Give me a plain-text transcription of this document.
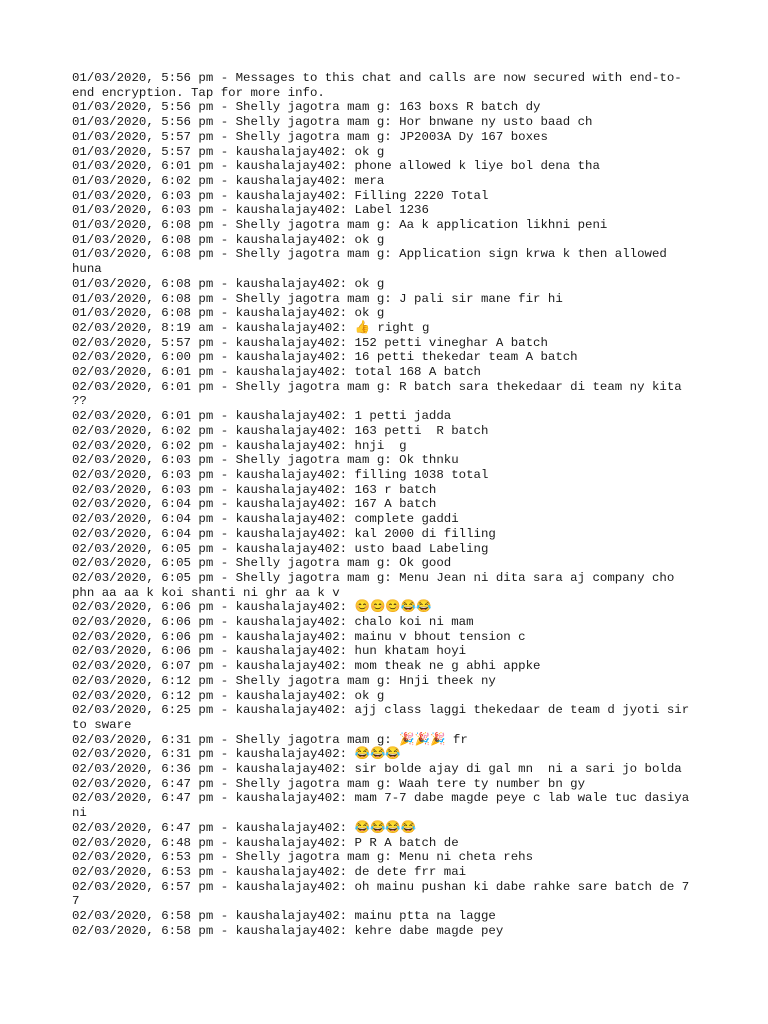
01/03/2020, 5:56 pm - Messages to this chat and calls are now secured with end-to-end encryption. Tap for more info.

01/03/2020, 5:56 pm - Shelly jagotra mam g: 163 boxs R batch dy

01/03/2020, 5:56 pm - Shelly jagotra mam g: Hor bnwane ny usto baad ch

01/03/2020, 5:57 pm - Shelly jagotra mam g: JP2003A Dy 167 boxes

01/03/2020, 5:57 pm - kaushalajay402: ok g

01/03/2020, 6:01 pm - kaushalajay402: phone allowed k liye bol dena tha

01/03/2020, 6:02 pm - kaushalajay402: mera

01/03/2020, 6:03 pm - kaushalajay402: Filling 2220 Total

01/03/2020, 6:03 pm - kaushalajay402: Label 1236

01/03/2020, 6:08 pm - Shelly jagotra mam g: Aa k application likhni peni

01/03/2020, 6:08 pm - kaushalajay402: ok g

01/03/2020, 6:08 pm - Shelly jagotra mam g: Application sign krwa k then allowed huna

01/03/2020, 6:08 pm - kaushalajay402: ok g

01/03/2020, 6:08 pm - Shelly jagotra mam g: J pali sir mane fir hi

01/03/2020, 6:08 pm - kaushalajay402: ok g

02/03/2020, 8:19 am - kaushalajay402: 👍 right g

02/03/2020, 5:57 pm - kaushalajay402: 152 petti vineghar A batch

02/03/2020, 6:00 pm - kaushalajay402: 16 petti thekedar team A batch

02/03/2020, 6:01 pm - kaushalajay402: total 168 A batch

02/03/2020, 6:01 pm - Shelly jagotra mam g: R batch sara thekedaar di team ny kita ??

02/03/2020, 6:01 pm - kaushalajay402: 1 petti jadda

02/03/2020, 6:02 pm - kaushalajay402: 163 petti  R batch

02/03/2020, 6:02 pm - kaushalajay402: hnji  g

02/03/2020, 6:03 pm - Shelly jagotra mam g: Ok thnku

02/03/2020, 6:03 pm - kaushalajay402: filling 1038 total

02/03/2020, 6:03 pm - kaushalajay402: 163 r batch

02/03/2020, 6:04 pm - kaushalajay402: 167 A batch

02/03/2020, 6:04 pm - kaushalajay402: complete gaddi

02/03/2020, 6:04 pm - kaushalajay402: kal 2000 di filling

02/03/2020, 6:05 pm - kaushalajay402: usto baad Labeling

02/03/2020, 6:05 pm - Shelly jagotra mam g: Ok good

02/03/2020, 6:05 pm - Shelly jagotra mam g: Menu Jean ni dita sara aj company cho phn aa aa k koi shanti ni ghr aa k v

02/03/2020, 6:06 pm - kaushalajay402: 😊😊😊😂😂

02/03/2020, 6:06 pm - kaushalajay402: chalo koi ni mam

02/03/2020, 6:06 pm - kaushalajay402: mainu v bhout tension c

02/03/2020, 6:06 pm - kaushalajay402: hun khatam hoyi

02/03/2020, 6:07 pm - kaushalajay402: mom theak ne g abhi appke

02/03/2020, 6:12 pm - Shelly jagotra mam g: Hnji theek ny

02/03/2020, 6:12 pm - kaushalajay402: ok g

02/03/2020, 6:25 pm - kaushalajay402: ajj class laggi thekedaar de team d jyoti sir to sware

02/03/2020, 6:31 pm - Shelly jagotra mam g: 🎉🎉🎉 fr

02/03/2020, 6:31 pm - kaushalajay402: 😂😂😂

02/03/2020, 6:36 pm - kaushalajay402: sir bolde ajay di gal mn  ni a sari jo bolda

02/03/2020, 6:47 pm - Shelly jagotra mam g: Waah tere ty number bn gy

02/03/2020, 6:47 pm - kaushalajay402: mam 7-7 dabe magde peye c lab wale tuc dasiya ni

02/03/2020, 6:47 pm - kaushalajay402: 😂😂😂😂

02/03/2020, 6:48 pm - kaushalajay402: P R A batch de

02/03/2020, 6:53 pm - Shelly jagotra mam g: Menu ni cheta rehs

02/03/2020, 6:53 pm - kaushalajay402: de dete frr mai

02/03/2020, 6:57 pm - kaushalajay402: oh mainu pushan ki dabe rahke sare batch de 7 7

02/03/2020, 6:58 pm - kaushalajay402: mainu ptta na lagge

02/03/2020, 6:58 pm - kaushalajay402: kehre dabe magde pey
